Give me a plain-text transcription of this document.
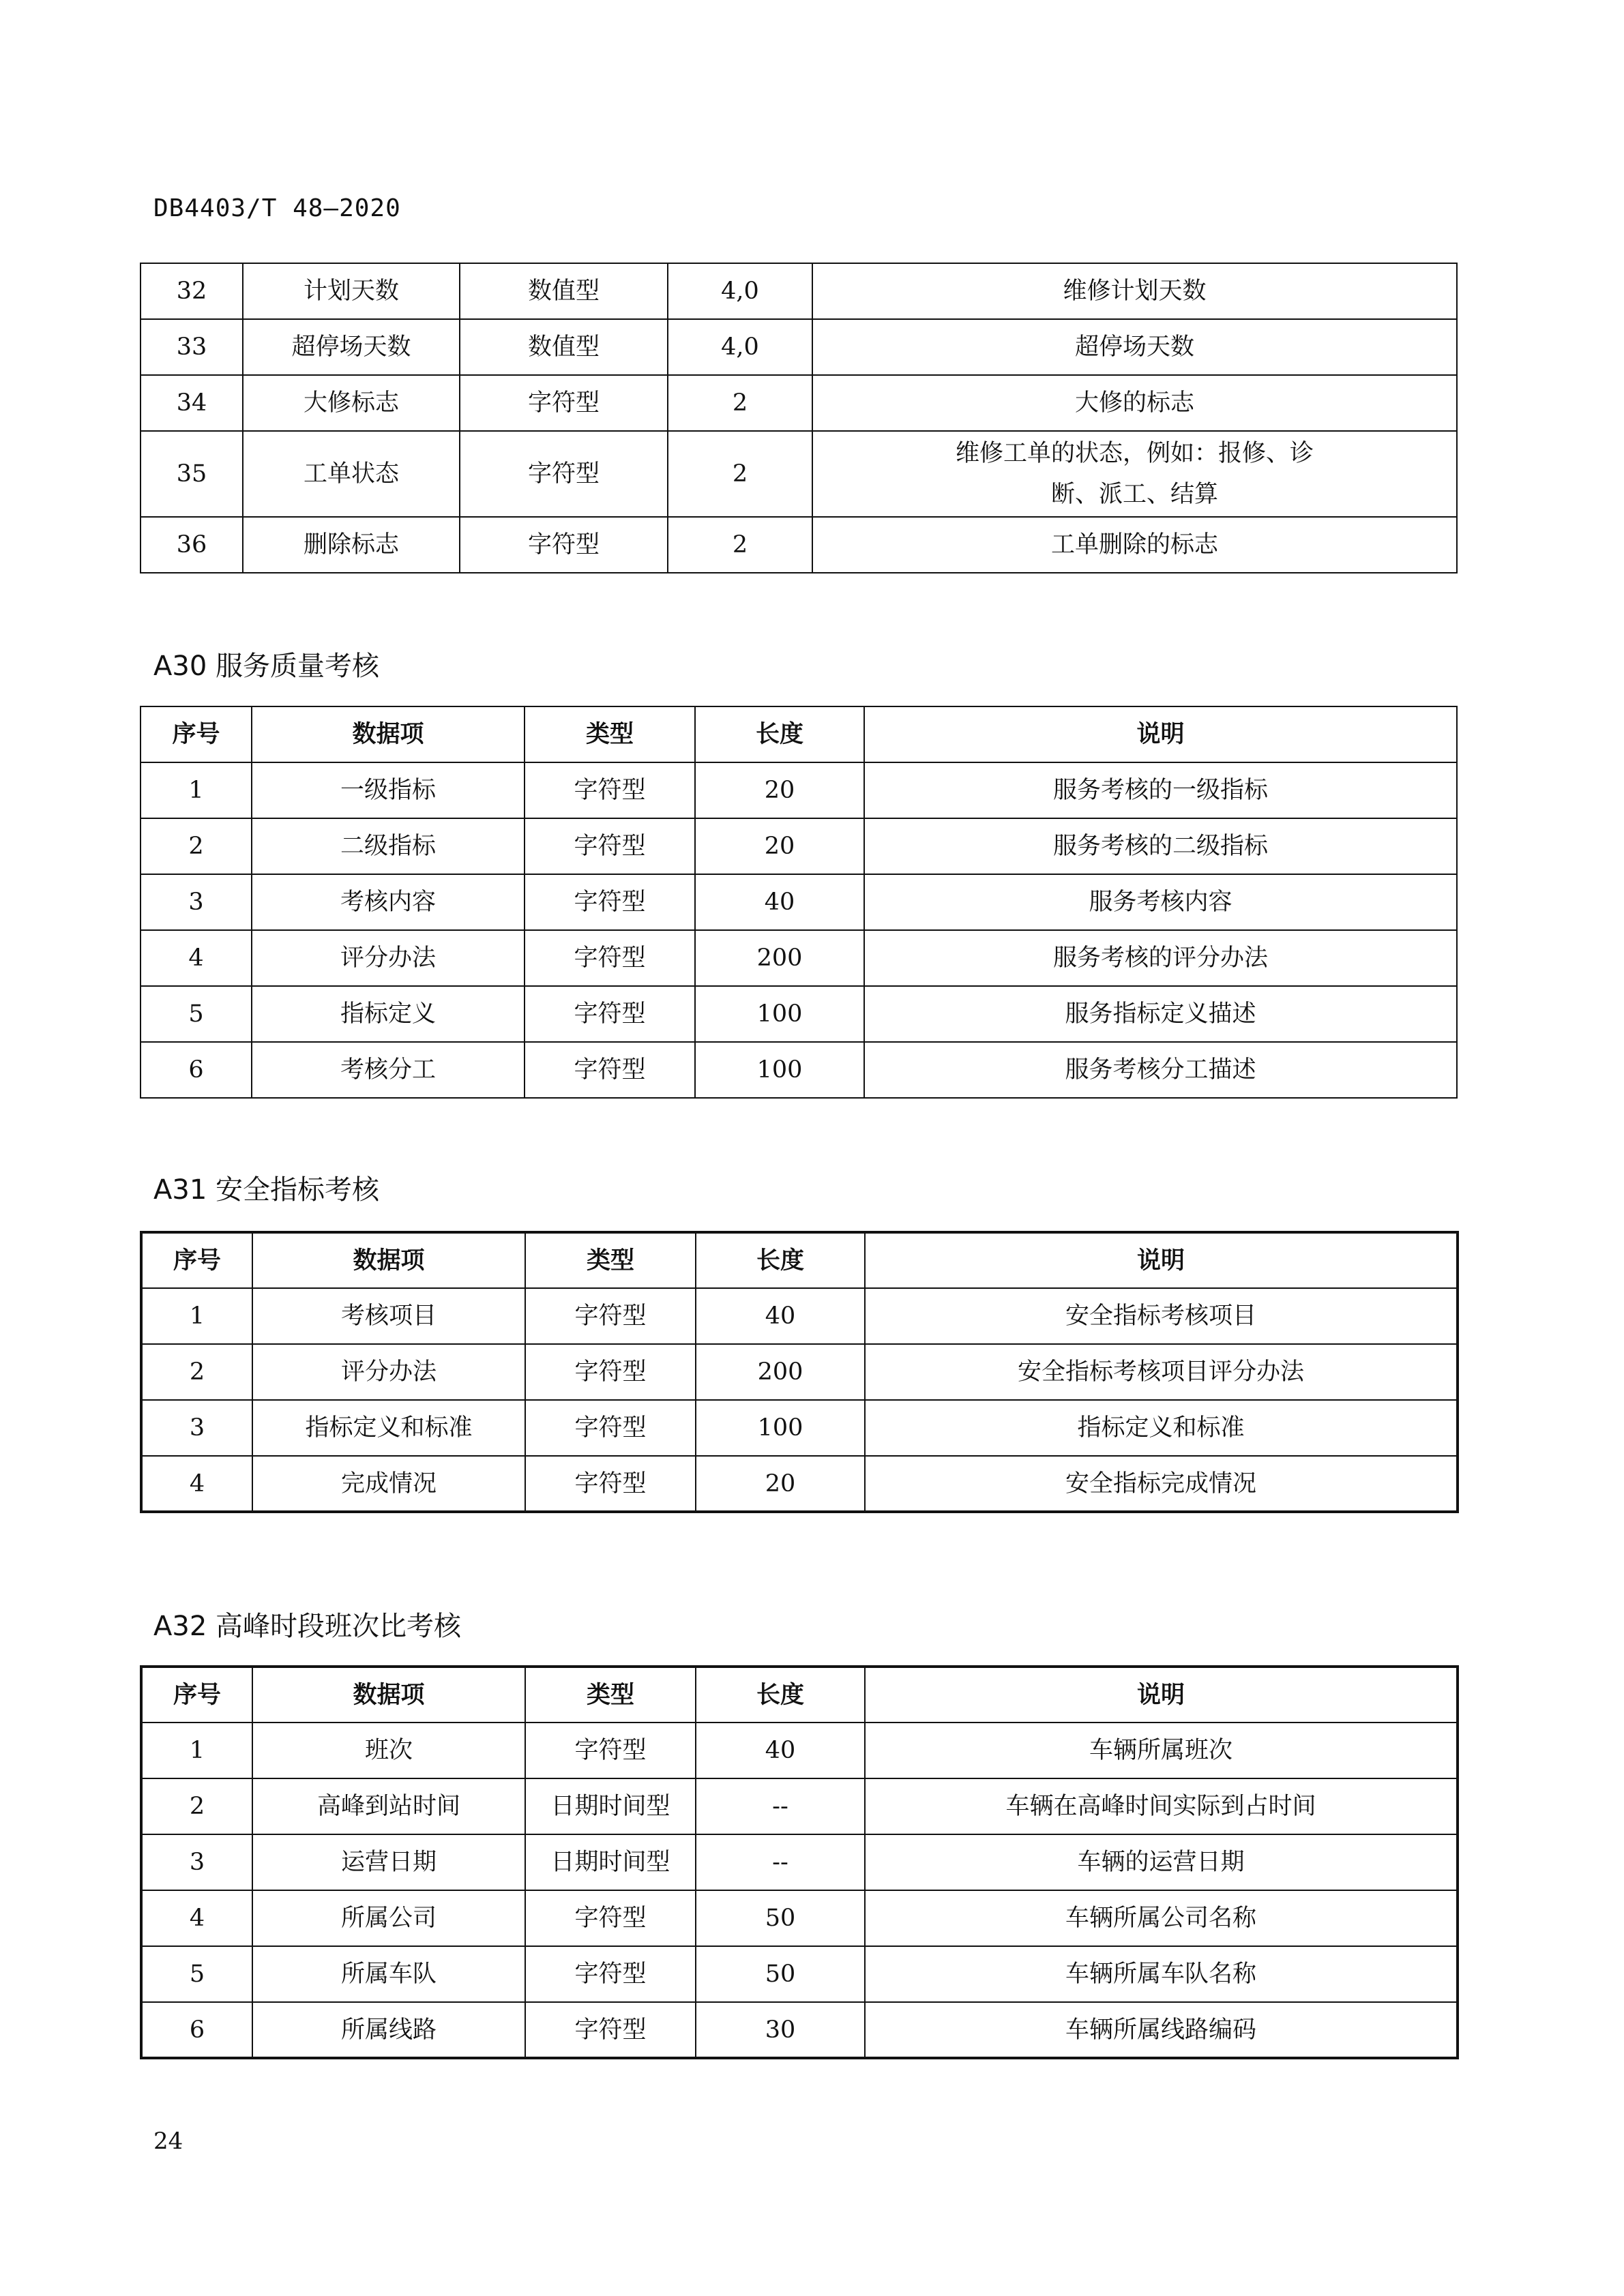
DB4403/T 48—2020
32	计划天数	数值型	4,0	维修计划天数
33	超停场天数	数值型	4,0	超停场天数
34	大修标志	字符型	2	大修的标志
35	工单状态	字符型	2	维修工单的状态，例如：报修、诊断、派工、结算
36	删除标志	字符型	2	工单删除的标志
A30 服务质量考核
序号	数据项	类型	长度	说明
1	一级指标	字符型	20	服务考核的一级指标
2	二级指标	字符型	20	服务考核的二级指标
3	考核内容	字符型	40	服务考核内容
4	评分办法	字符型	200	服务考核的评分办法
5	指标定义	字符型	100	服务指标定义描述
6	考核分工	字符型	100	服务考核分工描述
A31 安全指标考核
序号	数据项	类型	长度	说明
1	考核项目	字符型	40	安全指标考核项目
2	评分办法	字符型	200	安全指标考核项目评分办法
3	指标定义和标准	字符型	100	指标定义和标准
4	完成情况	字符型	20	安全指标完成情况
A32 高峰时段班次比考核
序号	数据项	类型	长度	说明
1	班次	字符型	40	车辆所属班次
2	高峰到站时间	日期时间型	--	车辆在高峰时间实际到占时间
3	运营日期	日期时间型	--	车辆的运营日期
4	所属公司	字符型	50	车辆所属公司名称
5	所属车队	字符型	50	车辆所属车队名称
6	所属线路	字符型	30	车辆所属线路编码
24
